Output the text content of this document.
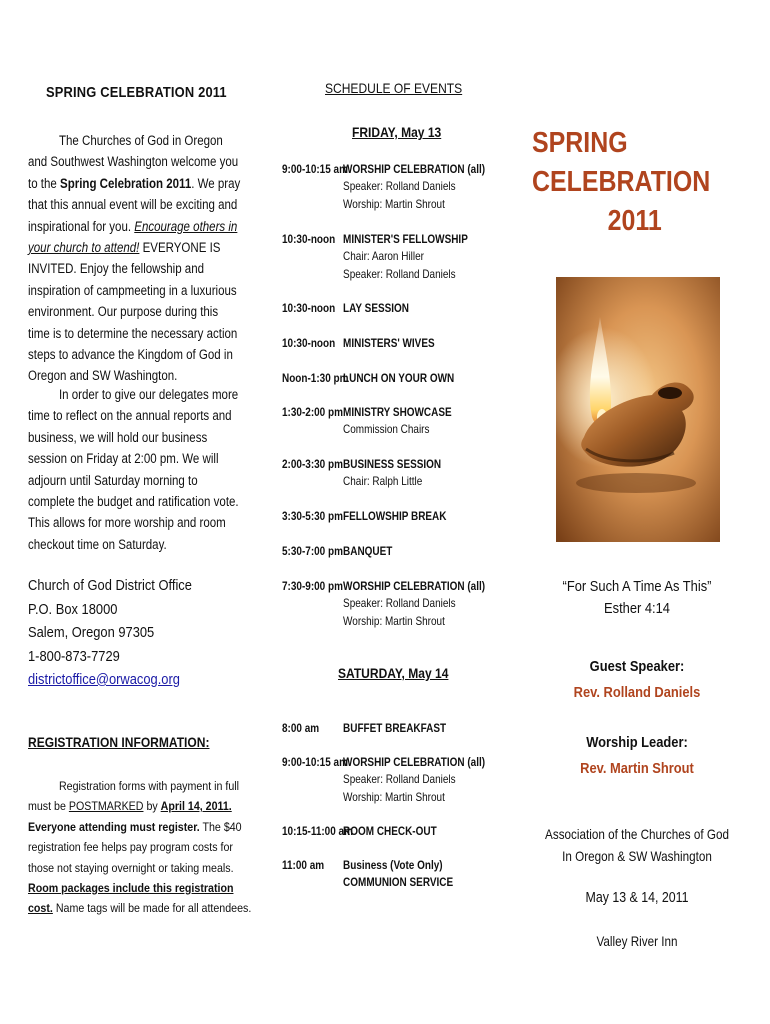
SPRING CELEBRATION 2011
The Churches of God in Oregon and Southwest Washington welcome you to the Spring Celebration 2011. We pray that this annual event will be exciting and inspirational for you. Encourage others in your church to attend! EVERYONE IS INVITED. Enjoy the fellowship and inspiration of campmeeting in a luxurious environment. Our purpose during this time is to determine the necessary action steps to advance the Kingdom of God in Oregon and SW Washington.
In order to give our delegates more time to reflect on the annual reports and business, we will hold our business session on Friday at 2:00 pm. We will adjourn until Saturday morning to complete the budget and ratification vote. This allows for more worship and room checkout time on Saturday.
Church of God District Office
P.O. Box 18000
Salem, Oregon 97305
1-800-873-7729
districtoffice@orwacog.org
REGISTRATION INFORMATION:
Registration forms with payment in full must be POSTMARKED by April 14, 2011.
Everyone attending must register. The $40 registration fee helps pay program costs for those not staying overnight or taking meals. Room packages include this registration cost. Name tags will be made for all attendees.
SCHEDULE OF EVENTS
FRIDAY, May 13
9:00-10:15 am
WORSHIP CELEBRATION (all)
Speaker: Rolland Daniels
Worship: Martin Shrout
10:30-noon MINISTER'S FELLOWSHIP
Chair: Aaron Hiller
Speaker: Rolland Daniels
10:30-noon LAY SESSION
10:30-noon MINISTERS' WIVES
Noon-1:30 pm
LUNCH ON YOUR OWN
1:30-2:00 pm MINISTRY SHOWCASE
Commission Chairs
2:00-3:30 pm BUSINESS SESSION
Chair: Ralph Little
3:30-5:30 pm FELLOWSHIP BREAK
5:30-7:00 pm BANQUET
7:30-9:00 pm WORSHIP CELEBRATION (all)
Speaker: Rolland Daniels
Worship: Martin Shrout
SATURDAY, May 14
8:00 am BUFFET BREAKFAST
9:00-10:15 am
WORSHIP CELEBRATION (all)
Speaker: Rolland Daniels
Worship: Martin Shrout
10:15-11:00 am
ROOM CHECK-OUT
11:00 am Business (Vote Only)
COMMUNION SERVICE
SPRING
CELEBRATION
2011
“For Such A Time As This”
Esther 4:14
Guest Speaker:
Rev. Rolland Daniels
Worship Leader:
Rev. Martin Shrout
Association of the Churches of God
In Oregon & SW Washington
May 13 & 14, 2011
Valley River Inn
